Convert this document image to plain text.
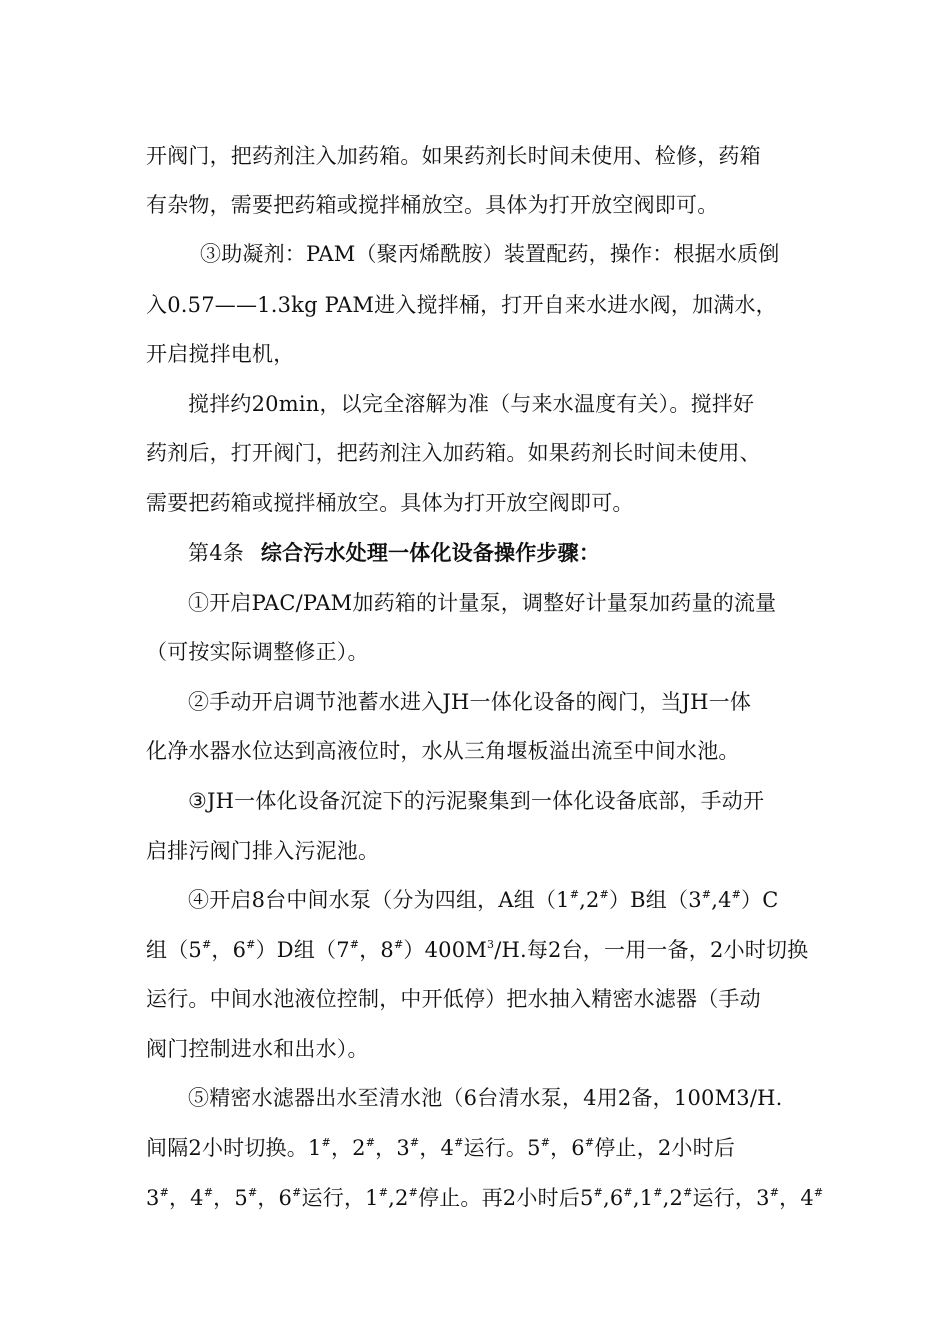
开阀门，把药剂注入加药箱。如果药剂长时间未使用、检修，药箱
有杂物，需要把药箱或搅拌桶放空。具体为打开放空阀即可。
③助凝剂：PAM（聚丙烯酰胺）装置配药，操作：根据水质倒
入0.57——1.3kg PAM进入搅拌桶，打开自来水进水阀，加满水，
开启搅拌电机，
搅拌约20min，以完全溶解为准（与来水温度有关）。搅拌好
药剂后，打开阀门，把药剂注入加药箱。如果药剂长时间未使用、
需要把药箱或搅拌桶放空。具体为打开放空阀即可。
第4条 综合污水处理一体化设备操作步骤：
①开启PAC/PAM加药箱的计量泵，调整好计量泵加药量的流量
（可按实际调整修正）。
②手动开启调节池蓄水进入JH一体化设备的阀门，当JH一体
化净水器水位达到高液位时，水从三角堰板溢出流至中间水池。
③JH一体化设备沉淀下的污泥聚集到一体化设备底部，手动开
启排污阀门排入污泥池。
④开启8台中间水泵（分为四组，A组（1#,2#）B组（3#,4#）C
组（5#，6#）D组（7#，$8^{\#})400M^3/H$.每2台，一用一备，2小时切换
运行。中间水池液位控制，中开低停）把水抽入精密水滤器（手动
阀门控制进水和出水）。
⑤精密水滤器出水至清水池（6台清水泵，4用2备，100M3/H.
间隔2小时切换。1#，2#，3#，4#运行。5#，6#停止，2小时后
3#，4#，5#，6#运行，1#,2#停止。再2小时后5#,6#,1#,2#运行，3#，4#
